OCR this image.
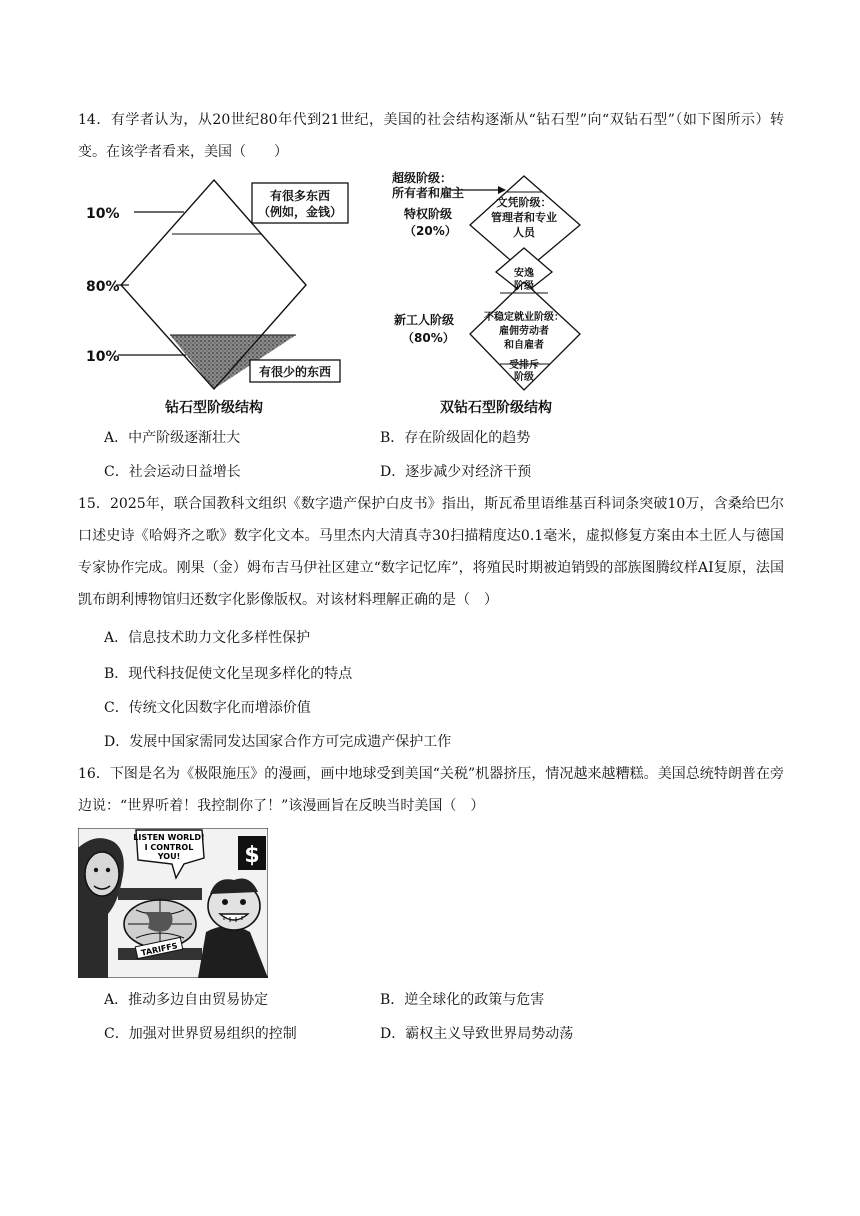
14．有学者认为，从20世纪80年代到21世纪，美国的社会结构逐渐从“钻石型”向“双钻石型”（如下图所示）转变。在该学者看来，美国（　　）
10%
80%
10%
有很多东西
（例如，金钱）
有很少的东西
钻石型阶级结构
超级阶级：
所有者和雇主
特权阶级
（20%）
文凭阶级：
管理者和专业
人员
安逸
阶级
新工人阶级
（80%）
不稳定就业阶级：
雇佣劳动者
和自雇者
受排斥
阶级
双钻石型阶级结构
A．中产阶级逐渐壮大	B．存在阶级固化的趋势
C．社会运动日益增长	D．逐步减少对经济干预
15．2025年，联合国教科文组织《数字遗产保护白皮书》指出，斯瓦希里语维基百科词条突破10万，含桑给巴尔口述史诗《哈姆齐之歌》数字化文本。马里杰内大清真寺30扫描精度达0.1毫米，虚拟修复方案由本土匠人与德国专家协作完成。刚果（金）姆布吉马伊社区建立“数字记忆库”，将殖民时期被迫销毁的部族图腾纹样AI复原，法国凯布朗利博物馆归还数字化影像版权。对该材料理解正确的是（　）
A．信息技术助力文化多样性保护
B．现代科技促使文化呈现多样化的特点
C．传统文化因数字化而增添价值
D．发展中国家需同发达国家合作方可完成遗产保护工作
16．下图是名为《极限施压》的漫画，画中地球受到美国“关税”机器挤压，情况越来越糟糕。美国总统特朗普在旁边说：“世界听着！我控制你了！”该漫画旨在反映当时美国（　）
LISTEN WORLD!
I CONTROL
YOU!
TARIFFS
$
A．推动多边自由贸易协定	B．逆全球化的政策与危害
C．加强对世界贸易组织的控制	D．霸权主义导致世界局势动荡
